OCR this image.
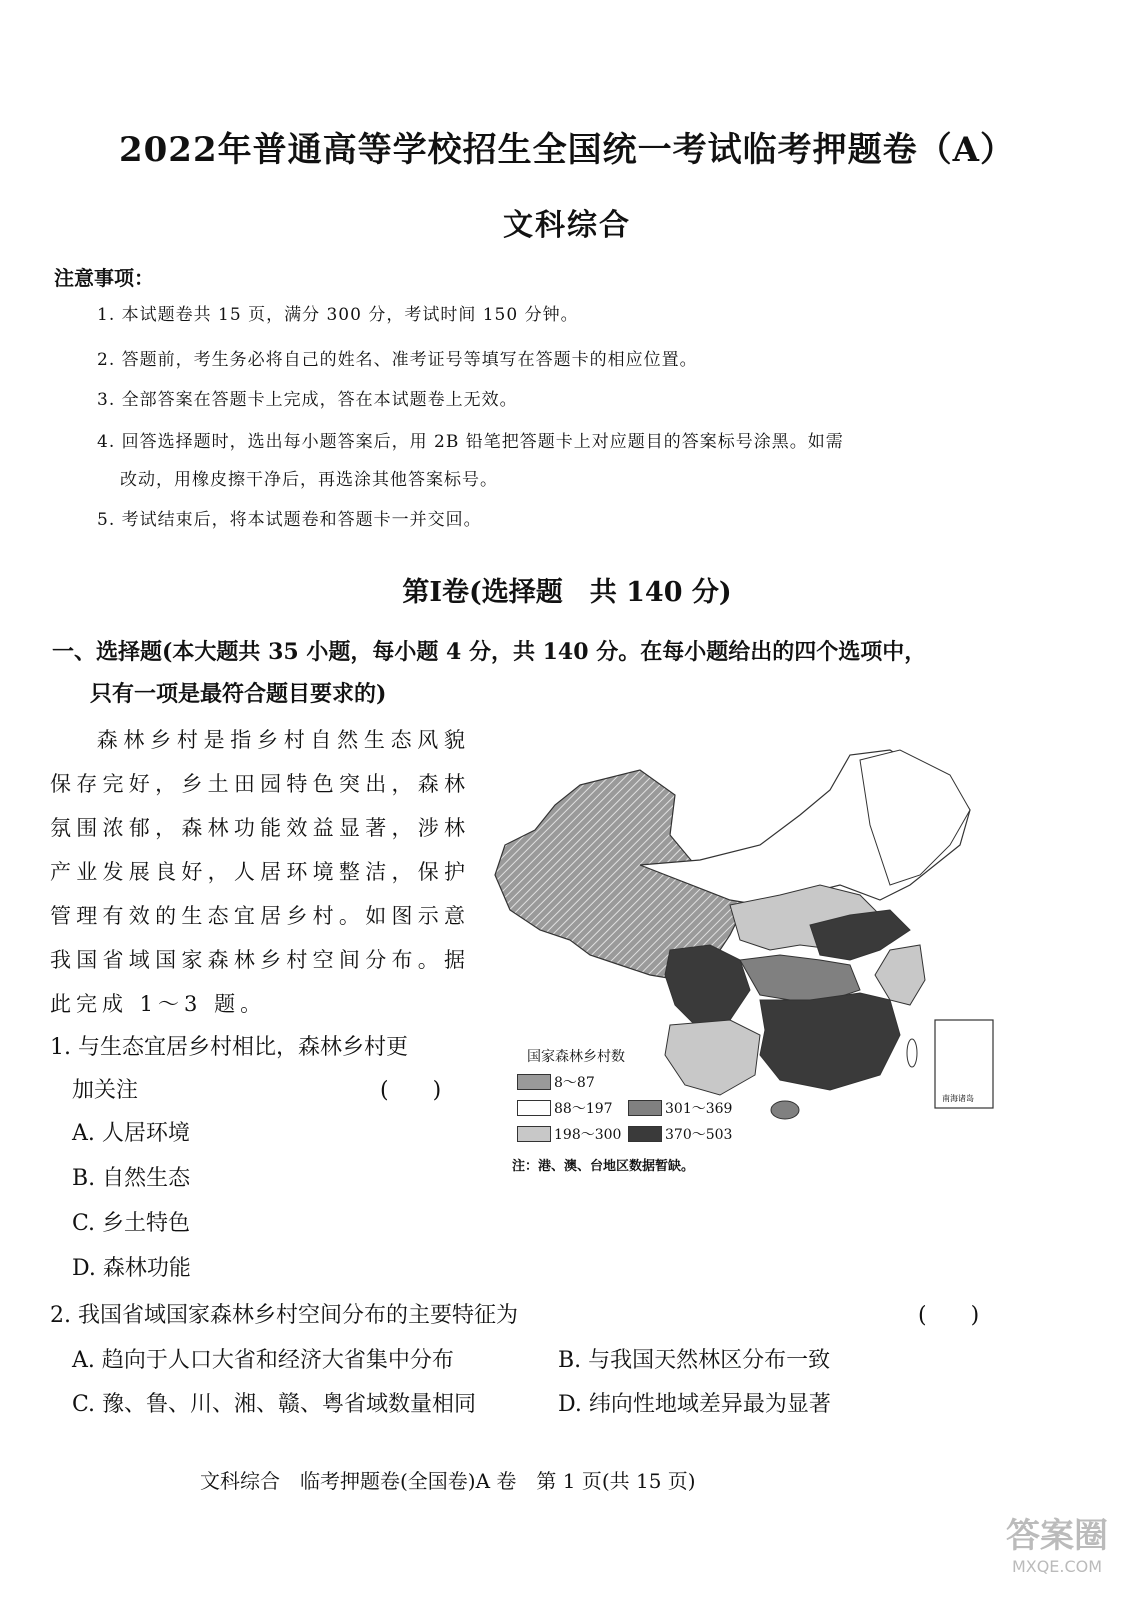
2022年普通高等学校招生全国统一考试临考押题卷（A）
文科综合
注意事项：
1. 本试题卷共 15 页，满分 300 分，考试时间 150 分钟。
2. 答题前，考生务必将自己的姓名、准考证号等填写在答题卡的相应位置。
3. 全部答案在答题卡上完成，答在本试题卷上无效。
4. 回答选择题时，选出每小题答案后，用 2B 铅笔把答题卡上对应题目的答案标号涂黑。如需
改动，用橡皮擦干净后，再选涂其他答案标号。
5. 考试结束后，将本试题卷和答题卡一并交回。
第Ⅰ卷(选择题　共 140 分)
一、选择题(本大题共 35 小题，每小题 4 分，共 140 分。在每小题给出的四个选项中，
只有一项是最符合题目要求的)
森林乡村是指乡村自然生态风貌保存完好，乡土田园特色突出，森林氛围浓郁，森林功能效益显著，涉林产业发展良好，人居环境整洁，保护管理有效的生态宜居乡村。如图示意我国省域国家森林乡村空间分布。据此完成 1～3 题。
南海诸岛
国家森林乡村数
8～87
88～197	301～369
198～300	370～503
注：港、澳、台地区数据暂缺。
1. 与生态宜居乡村相比，森林乡村更
加关注	(　　)
A. 人居环境
B. 自然生态
C. 乡土特色
D. 森林功能
2. 我国省域国家森林乡村空间分布的主要特征为	(　　)
A. 趋向于人口大省和经济大省集中分布	B. 与我国天然林区分布一致
C. 豫、鲁、川、湘、赣、粤省域数量相同	D. 纬向性地域差异最为显著
文科综合　临考押题卷(全国卷)A 卷　第 1 页(共 15 页)
答案圈
MXQE.COM
